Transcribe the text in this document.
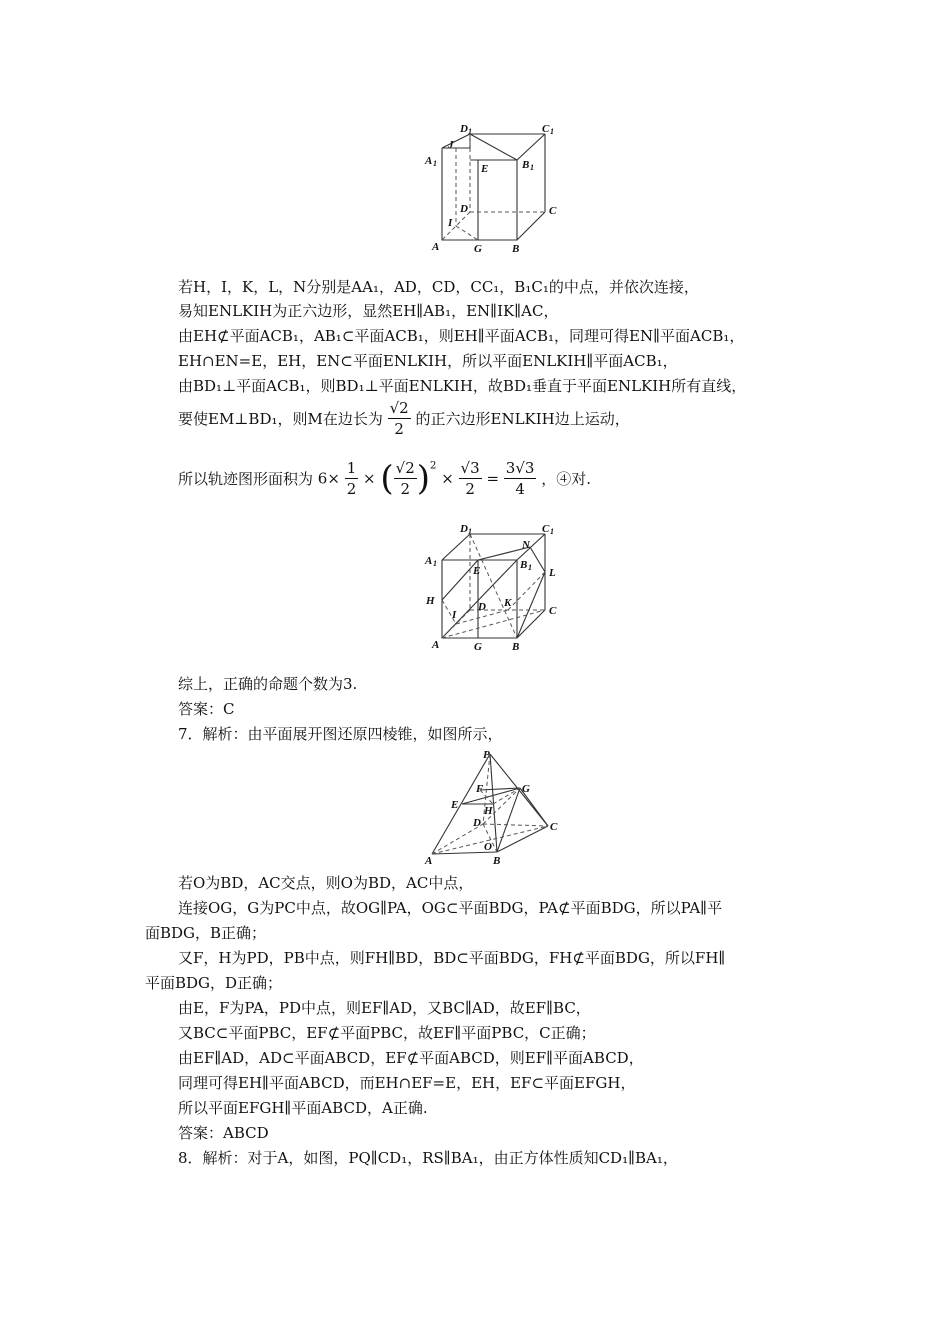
D 1	C 1
A 1
J
E	B 1
D	C
I
A	G	B
若H，I，K，L，N分别是AA₁，AD，CD，CC₁，B₁C₁的中点，并依次连接，
易知ENLKIH为正六边形，显然EH∥AB₁，EN∥IK∥AC，
由EH⊄平面ACB₁，AB₁⊂平面ACB₁，则EH∥平面ACB₁，同理可得EN∥平面ACB₁，
EH∩EN=E，EH，EN⊂平面ENLKIH，所以平面ENLKIH∥平面ACB₁，
由BD₁⊥平面ACB₁，则BD₁⊥平面ENLKIH，故BD₁垂直于平面ENLKIH所有直线，
要使EM⊥BD₁，则M在边长为 $\frac{√2}{2}$ 的正六边形ENLKIH边上运动，
所以轨迹图形面积为 $6\times \frac{1}{2}$ × ( $\frac{√2}{2} )^2 \times \frac{√3}{2} = \frac{3√3}{4}$ ，④对.
D 1	C 1
N
A 1
E	B 1 L
H
I
D K
C
A	G	B
综上，正确的命题个数为3.
答案：C
7．解析：由平面展开图还原四棱锥，如图所示，
P
G
F
E H
D	C
O
A	B
若O为BD，AC交点，则O为BD，AC中点，
连接OG，G为PC中点，故OG∥PA，OG⊂平面BDG，PA⊄平面BDG，所以PA∥平
面BDG，B正确；
又F，H为PD，PB中点，则FH∥BD，BD⊂平面BDG，FH⊄平面BDG，所以FH∥
平面BDG，D正确；
由E，F为PA，PD中点，则EF∥AD，又BC∥AD，故EF∥BC，
又BC⊂平面PBC，EF⊄平面PBC，故EF∥平面PBC，C正确；
由EF∥AD，AD⊂平面ABCD，EF⊄平面ABCD，则EF∥平面ABCD，
同理可得EH∥平面ABCD，而EH∩EF=E，EH，EF⊂平面EFGH，
所以平面EFGH∥平面ABCD，A正确.
答案：ABCD
8．解析：对于A，如图，PQ∥CD₁，RS∥BA₁，由正方体性质知CD₁∥BA₁，
